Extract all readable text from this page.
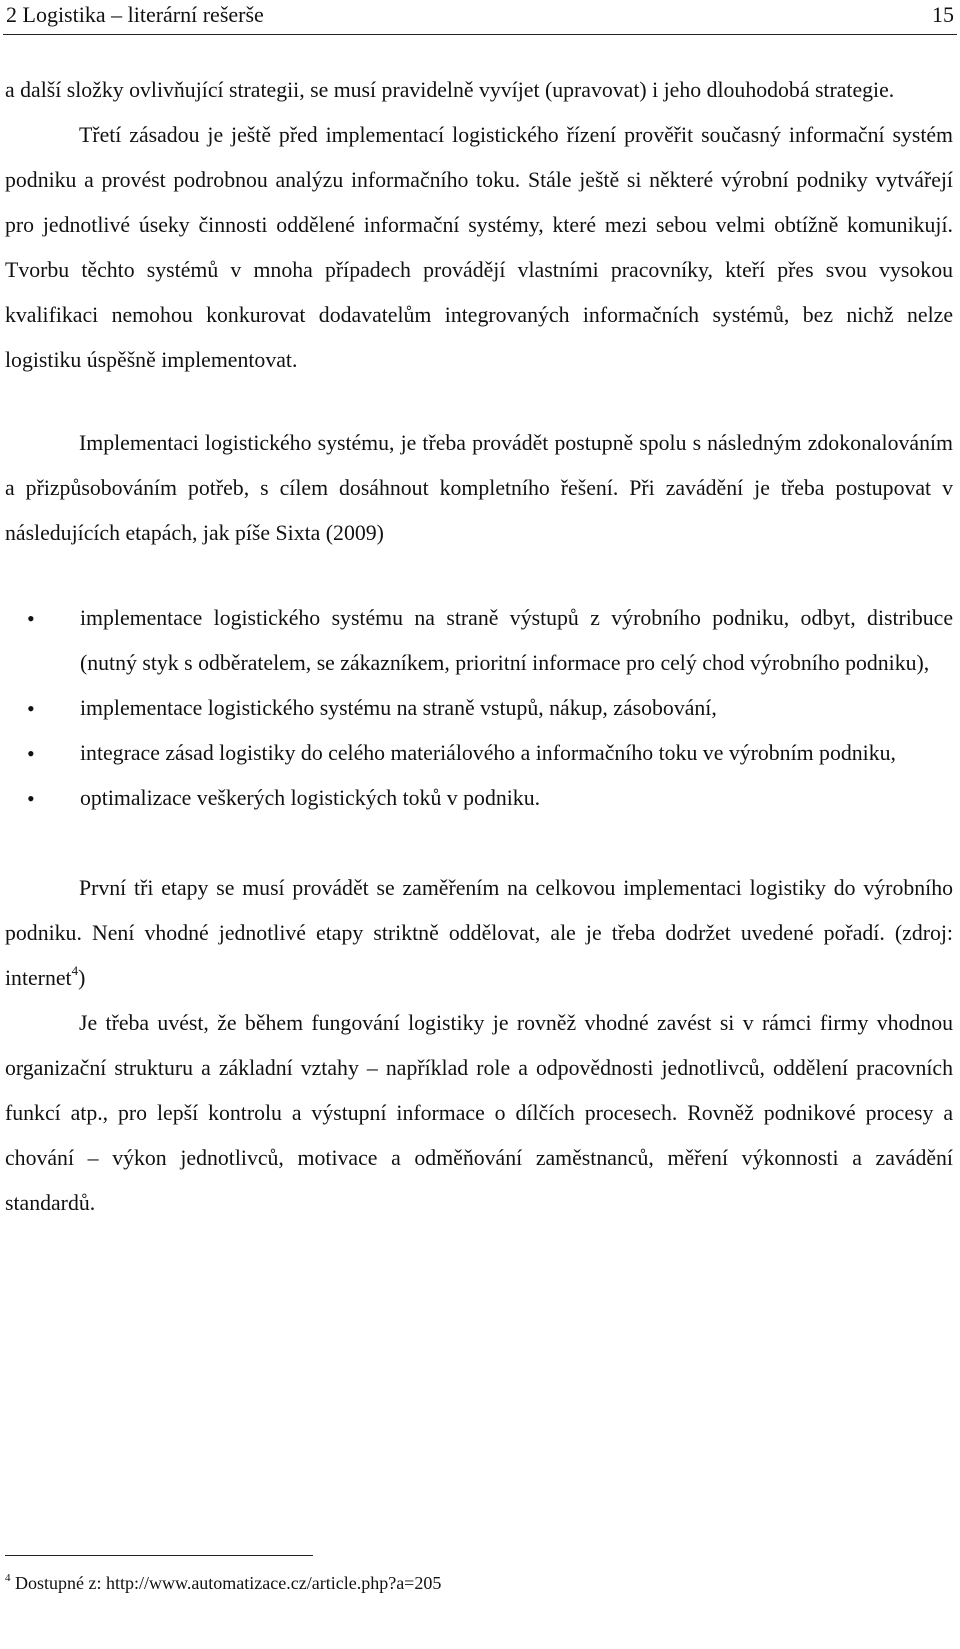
2 Logistika – literární rešerše	15

a další složky ovlivňující strategii, se musí pravidelně vyvíjet (upravovat) i jeho dlouhodobá strategie.

Třetí zásadou je ještě před implementací logistického řízení prověřit současný informační systém podniku a provést podrobnou analýzu informačního toku. Stále ještě si některé výrobní podniky vytvářejí pro jednotlivé úseky činnosti oddělené informační systémy, které mezi sebou velmi obtížně komunikují. Tvorbu těchto systémů v mnoha případech provádějí vlastními pracovníky, kteří přes svou vysokou kvalifikaci nemohou konkurovat dodavatelům integrovaných informačních systémů, bez nichž nelze logistiku úspěšně implementovat.

Implementaci logistického systému, je třeba provádět postupně spolu s následným zdokonalováním a přizpůsobováním potřeb, s cílem dosáhnout kompletního řešení. Při zavádění je třeba postupovat v následujících etapách, jak píše Sixta (2009)

• implementace logistického systému na straně výstupů z výrobního podniku, odbyt, distribuce (nutný styk s odběratelem, se zákazníkem, prioritní informace pro celý chod výrobního podniku),
• implementace logistického systému na straně vstupů, nákup, zásobování,
• integrace zásad logistiky do celého materiálového a informačního toku ve výrobním podniku,
• optimalizace veškerých logistických toků v podniku.

První tři etapy se musí provádět se zaměřením na celkovou implementaci logistiky do výrobního podniku. Není vhodné jednotlivé etapy striktně oddělovat, ale je třeba dodržet uvedené pořadí. (zdroj: internet$^4$)

Je třeba uvést, že během fungování logistiky je rovněž vhodné zavést si v rámci firmy vhodnou organizační strukturu a základní vztahy – například role a odpovědnosti jednotlivců, oddělení pracovních funkcí atp., pro lepší kontrolu a výstupní informace o dílčích procesech. Rovněž podnikové procesy a chování – výkon jednotlivců, motivace a odměňování zaměstnanců, měření výkonnosti a zavádění standardů.

$^4$ Dostupné z: http://www.automatizace.cz/article.php?a=205
